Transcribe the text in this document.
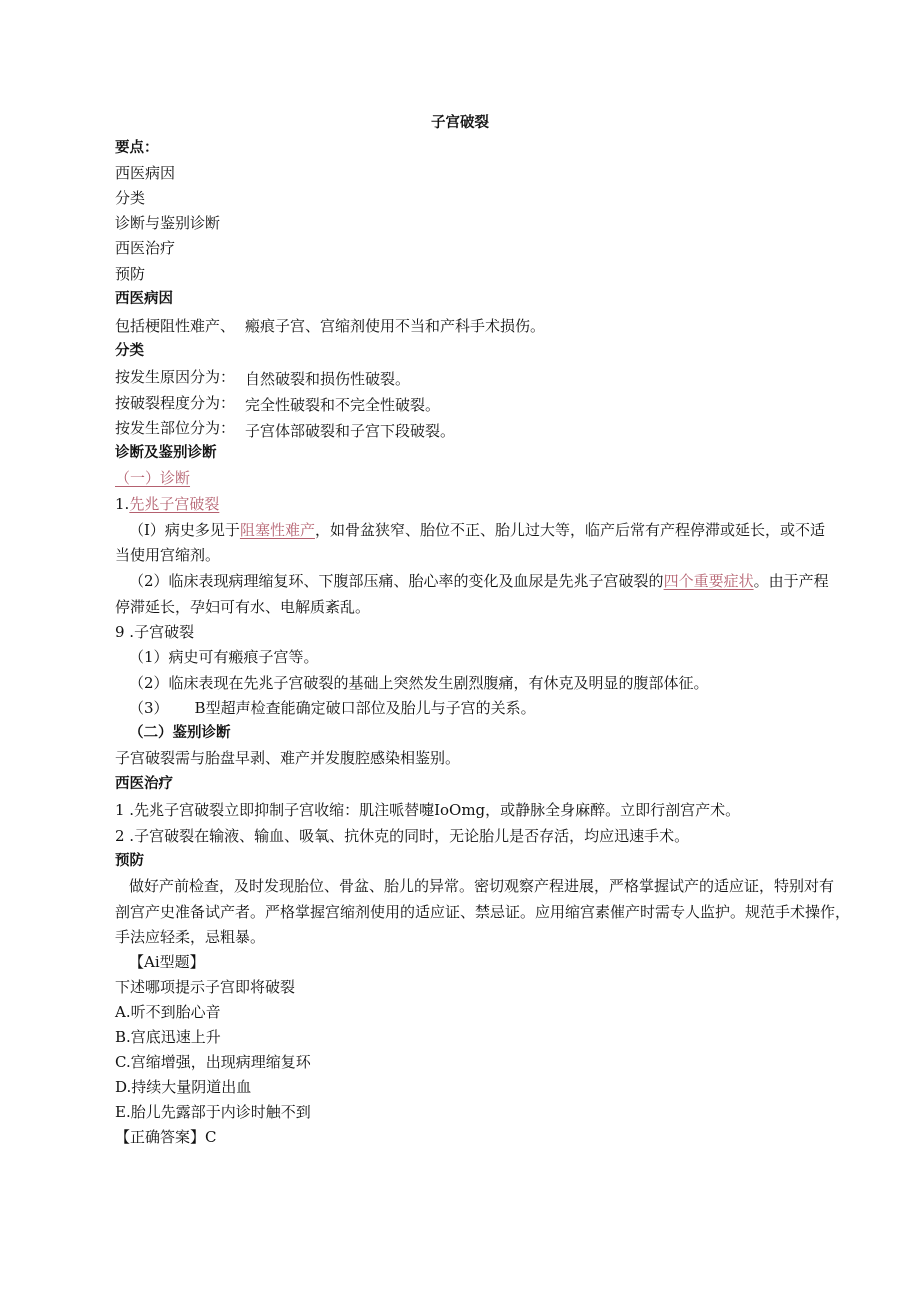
子宫破裂
要点：
西医病因
分类
诊断与鉴别诊断
西医治疗
预防
西医病因
包括梗阻性难产、 瘢痕子宫、宫缩剂使用不当和产科手术损伤。
分类
按发生原因分为： 自然破裂和损伤性破裂。
按破裂程度分为： 完全性破裂和不完全性破裂。
按发生部位分为： 子宫体部破裂和子宫下段破裂。
诊断及鉴别诊断
（一）诊断
1.先兆子宫破裂
（I）病史多见于阻塞性难产，如骨盆狭窄、胎位不正、胎儿过大等，临产后常有产程停滞或延长，或不适
当使用宫缩剂。
（2）临床表现病理缩复环、下腹部压痛、胎心率的变化及血尿是先兆子宫破裂的四个重要症状。由于产程
停滞延长，孕妇可有水、电解质紊乱。
9 .子宫破裂
（1）病史可有瘢痕子宫等。
（2）临床表现在先兆子宫破裂的基础上突然发生剧烈腹痛，有休克及明显的腹部体征。
（3） B型超声检查能确定破口部位及胎儿与子宫的关系。
（二）鉴别诊断
子宫破裂需与胎盘早剥、难产并发腹腔感染相鉴别。
西医治疗
1 .先兆子宫破裂立即抑制子宫收缩：肌注哌替嚏IoOmg，或静脉全身麻醉。立即行剖宫产术。
2 .子宫破裂在输液、输血、吸氧、抗休克的同时，无论胎儿是否存活，均应迅速手术。
预防
做好产前检查，及时发现胎位、骨盆、胎儿的异常。密切观察产程进展，严格掌握试产的适应证，特别对有
剖宫产史准备试产者。严格掌握宫缩剂使用的适应证、禁忌证。应用缩宫素催产时需专人监护。规范手术操作，
手法应轻柔，忌粗暴。
【Ai型题】
下述哪项提示子宫即将破裂
A.听不到胎心音
B.宫底迅速上升
C.宫缩增强，出现病理缩复环
D.持续大量阴道出血
E.胎儿先露部于内诊时触不到
【正确答案】C
